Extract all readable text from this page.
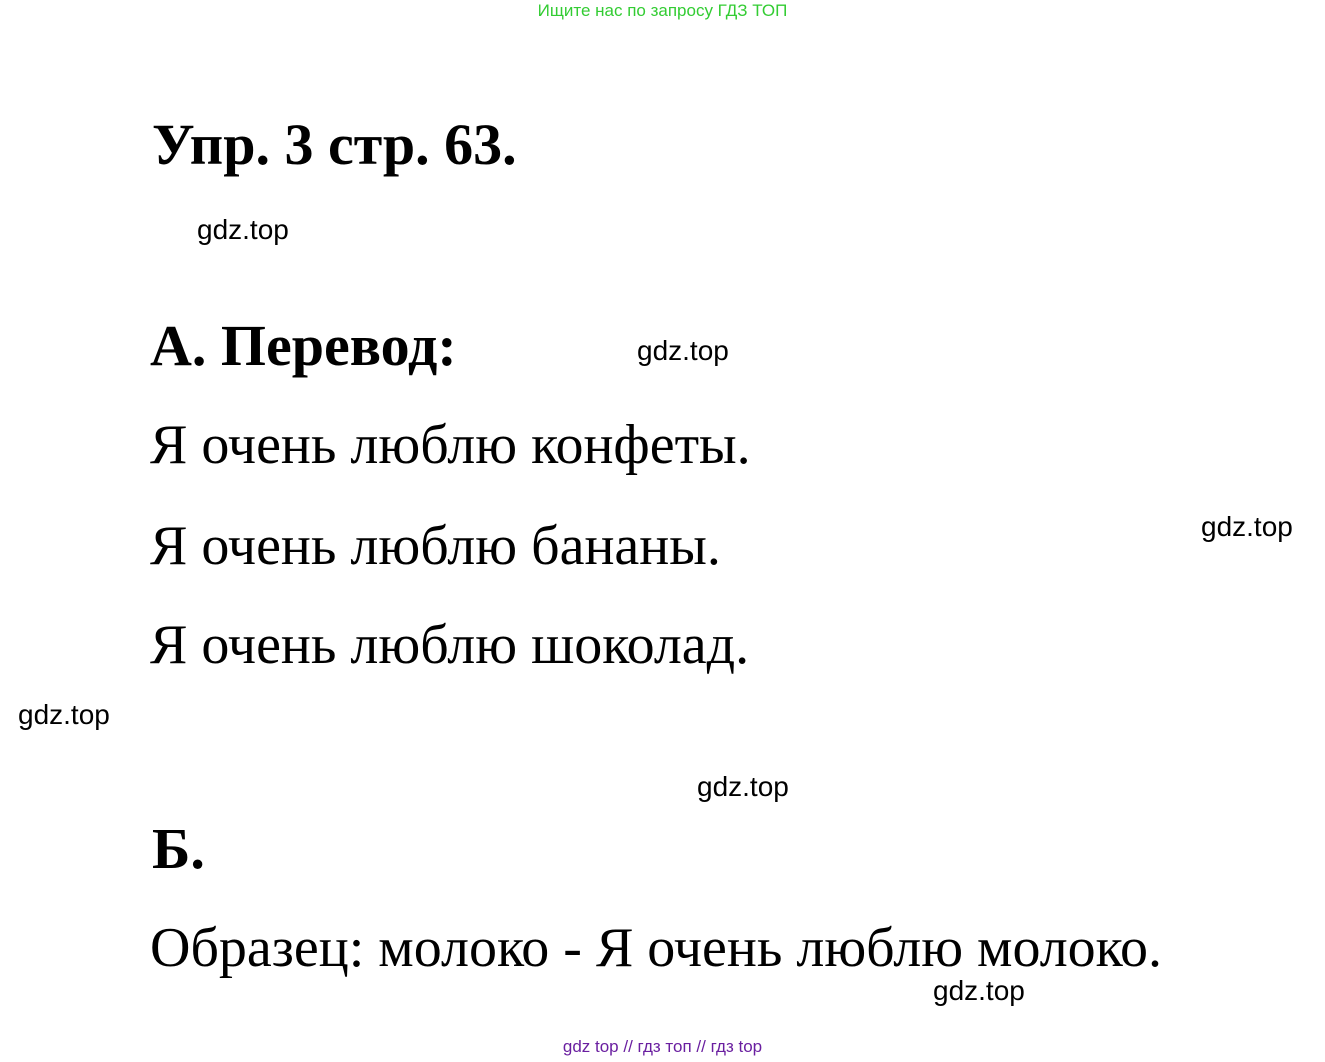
Ищите нас по запросу ГДЗ ТОП
Упр. 3 стр. 63.
gdz.top
А. Перевод:	gdz.top
Я очень люблю конфеты.
gdz.top
Я очень люблю бананы.
Я очень люблю шоколад.
gdz.top
gdz.top
Б.
Образец: молоко - Я очень люблю молоко.
gdz.top
gdz top // гдз топ // гдз top
